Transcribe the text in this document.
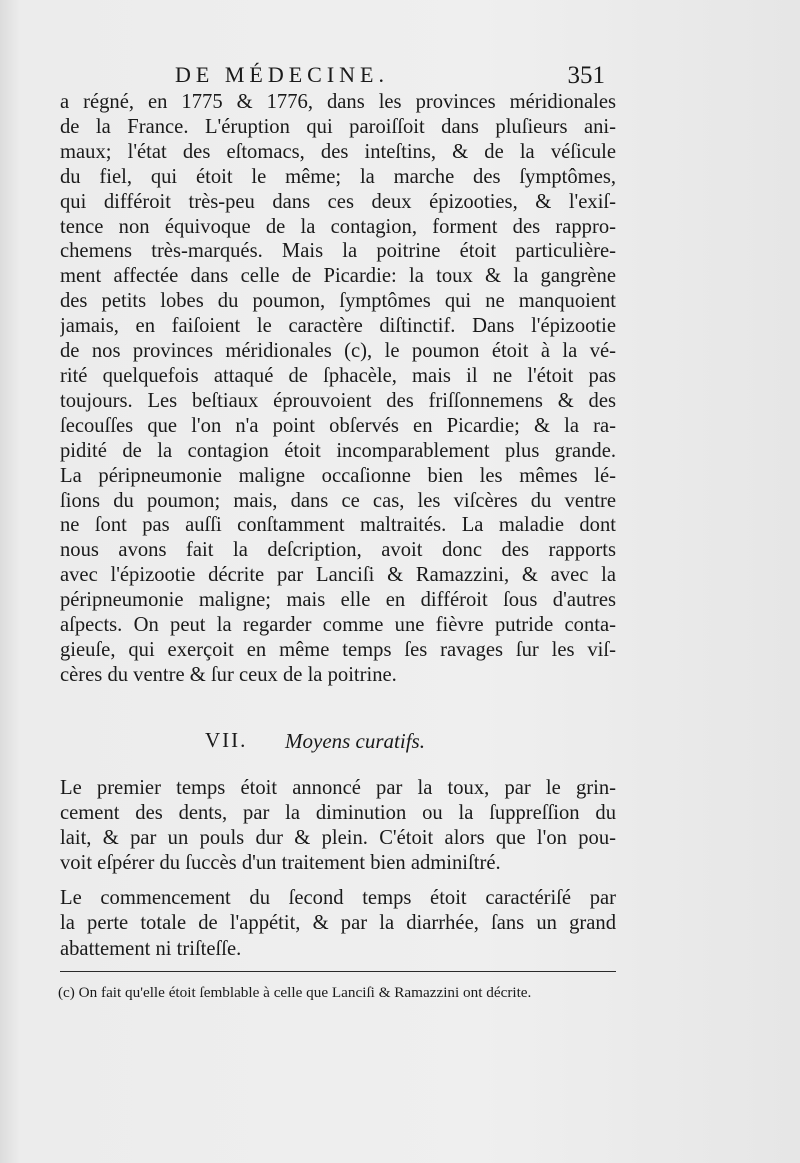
DE MÉDECINE.	351
a régné, en 1775 & 1776, dans les provinces méridionales
de la France. L'éruption qui paroiſſoit dans pluſieurs ani-
maux; l'état des eſtomacs, des inteſtins, & de la véſicule
du fiel, qui étoit le même; la marche des ſymptômes,
qui différoit très-peu dans ces deux épizooties, & l'exiſ-
tence non équivoque de la contagion, forment des rappro-
chemens très-marqués. Mais la poitrine étoit particulière-
ment affectée dans celle de Picardie: la toux & la gangrène
des petits lobes du poumon, ſymptômes qui ne manquoient
jamais, en faiſoient le caractère diſtinctif. Dans l'épizootie
de nos provinces méridionales (c), le poumon étoit à la vé-
rité quelquefois attaqué de ſphacèle, mais il ne l'étoit pas
toujours. Les beſtiaux éprouvoient des friſſonnemens & des
ſecouſſes que l'on n'a point obſervés en Picardie; & la ra-
pidité de la contagion étoit incomparablement plus grande.
La péripneumonie maligne occaſionne bien les mêmes lé-
ſions du poumon; mais, dans ce cas, les viſcères du ventre
ne ſont pas auſſi conſtamment maltraités. La maladie dont
nous avons fait la deſcription, avoit donc des rapports
avec l'épizootie décrite par Lanciſi & Ramazzini, & avec la
péripneumonie maligne; mais elle en différoit ſous d'autres
aſpects. On peut la regarder comme une fièvre putride conta-
gieuſe, qui exerçoit en même temps ſes ravages ſur les viſ-
cères du ventre & ſur ceux de la poitrine.
VII. Moyens curatifs.
Le premier temps étoit annoncé par la toux, par le grin-
cement des dents, par la diminution ou la ſuppreſſion du
lait, & par un pouls dur & plein. C'étoit alors que l'on pou-
voit eſpérer du ſuccès d'un traitement bien adminiſtré.
Le commencement du ſecond temps étoit caractériſé par
la perte totale de l'appétit, & par la diarrhée, ſans un grand
abattement ni triſteſſe.
(c) On fait qu'elle étoit ſemblable à celle que Lanciſi & Ramazzini ont décrite.
